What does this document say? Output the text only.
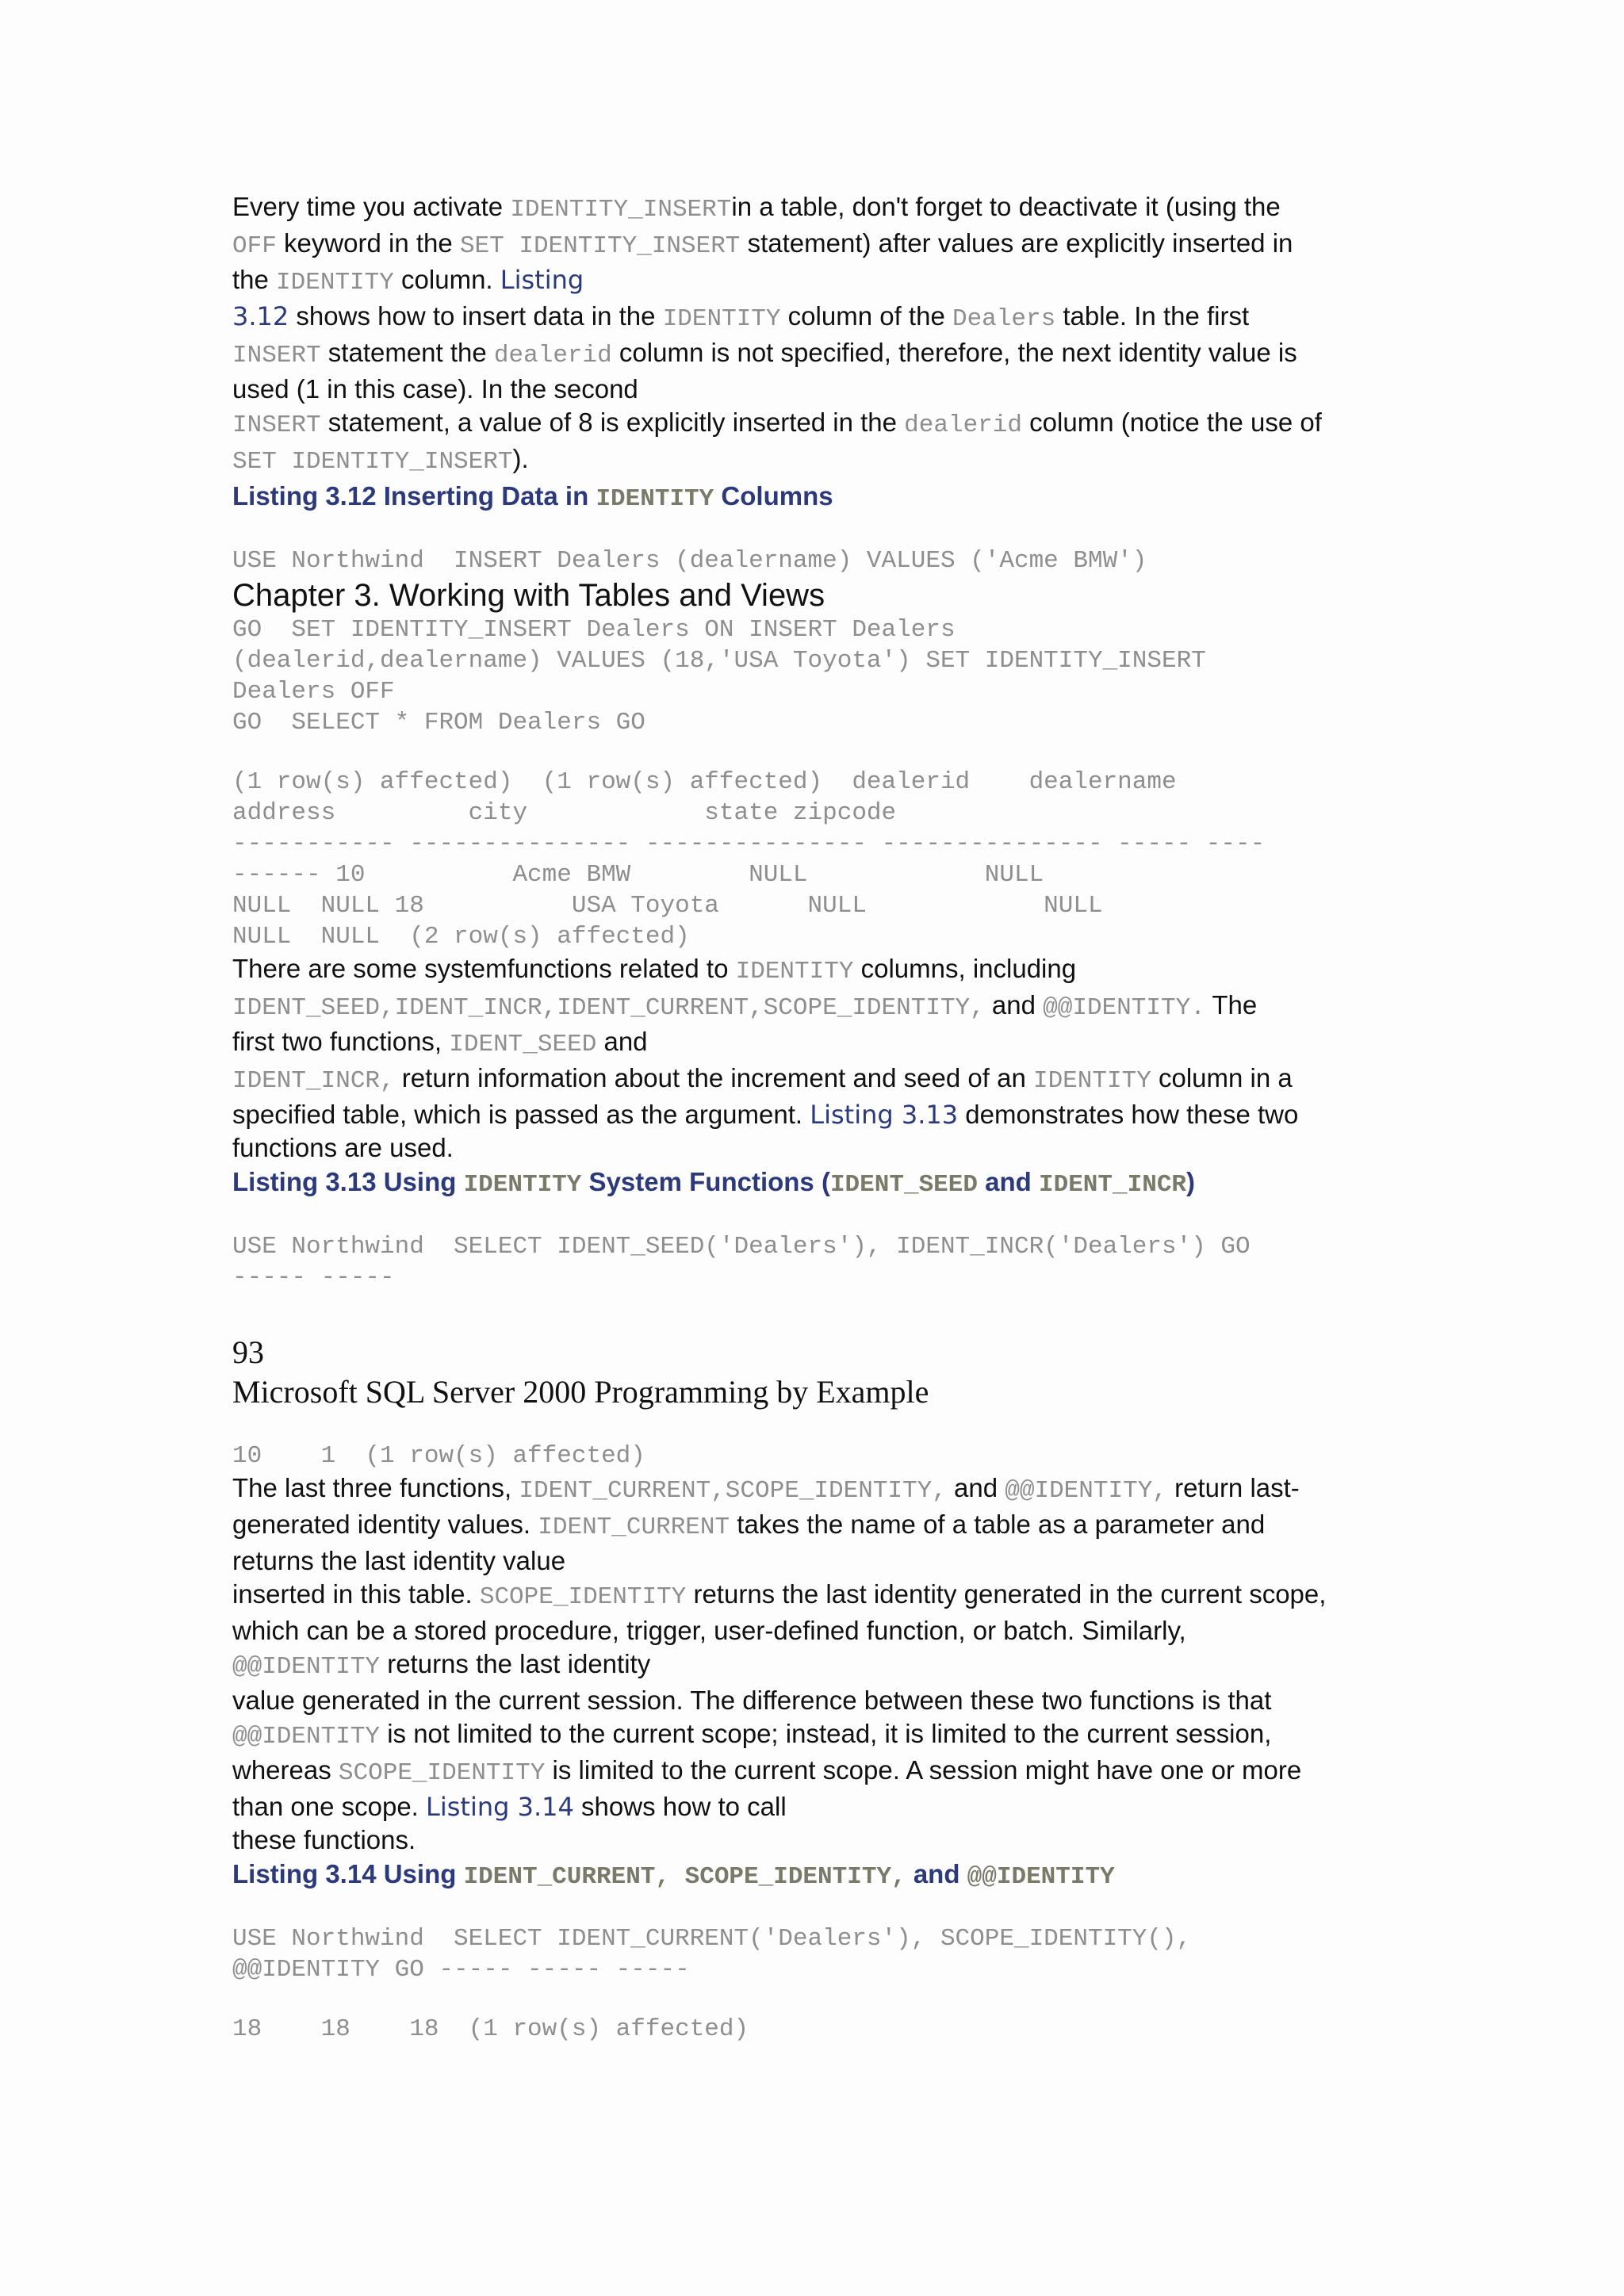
Every time you activate IDENTITY_INSERTin a table, don't forget to deactivate it (using the
OFF keyword in the SET IDENTITY_INSERT statement) after values are explicitly inserted in
the IDENTITY column. Listing
3.12 shows how to insert data in the IDENTITY column of the Dealers table. In the first
INSERT statement the dealerid column is not specified, therefore, the next identity value is
used (1 in this case). In the second
INSERT statement, a value of 8 is explicitly inserted in the dealerid column (notice the use of
SET IDENTITY_INSERT).

Listing 3.12 Inserting Data in IDENTITY Columns

USE Northwind  INSERT Dealers (dealername) VALUES ('Acme BMW')

Chapter 3. Working with Tables and Views

GO  SET IDENTITY_INSERT Dealers ON INSERT Dealers
(dealerid,dealername) VALUES (18,'USA Toyota') SET IDENTITY_INSERT
Dealers OFF
GO  SELECT * FROM Dealers GO
(1 row(s) affected)  (1 row(s) affected)  dealerid    dealername
address         city            state zipcode
----------- --------------- --------------- --------------- ----- ----
------ 10          Acme BMW        NULL            NULL
NULL  NULL 18          USA Toyota      NULL            NULL
NULL  NULL  (2 row(s) affected)

There are some systemfunctions related to IDENTITY columns, including
IDENT_SEED,IDENT_INCR,IDENT_CURRENT,SCOPE_IDENTITY, and @@IDENTITY. The
first two functions, IDENT_SEED and
IDENT_INCR, return information about the increment and seed of an IDENTITY column in a
specified table, which is passed as the argument. Listing 3.13 demonstrates how these two
functions are used.

Listing 3.13 Using IDENTITY System Functions (IDENT_SEED and IDENT_INCR)

USE Northwind  SELECT IDENT_SEED('Dealers'), IDENT_INCR('Dealers') GO
----- -----

93

Microsoft SQL Server 2000 Programming by Example

10    1  (1 row(s) affected)

The last three functions, IDENT_CURRENT,SCOPE_IDENTITY, and @@IDENTITY, return last-
generated identity values. IDENT_CURRENT takes the name of a table as a parameter and
returns the last identity value
inserted in this table. SCOPE_IDENTITY returns the last identity generated in the current scope,
which can be a stored procedure, trigger, user-defined function, or batch. Similarly,
@@IDENTITY returns the last identity
value generated in the current session. The difference between these two functions is that
@@IDENTITY is not limited to the current scope; instead, it is limited to the current session,
whereas SCOPE_IDENTITY is limited to the current scope. A session might have one or more
than one scope. Listing 3.14 shows how to call
these functions.

Listing 3.14 Using IDENT_CURRENT, SCOPE_IDENTITY, and @@IDENTITY

USE Northwind  SELECT IDENT_CURRENT('Dealers'), SCOPE_IDENTITY(),
@@IDENTITY GO ----- ----- -----
18    18    18  (1 row(s) affected)
